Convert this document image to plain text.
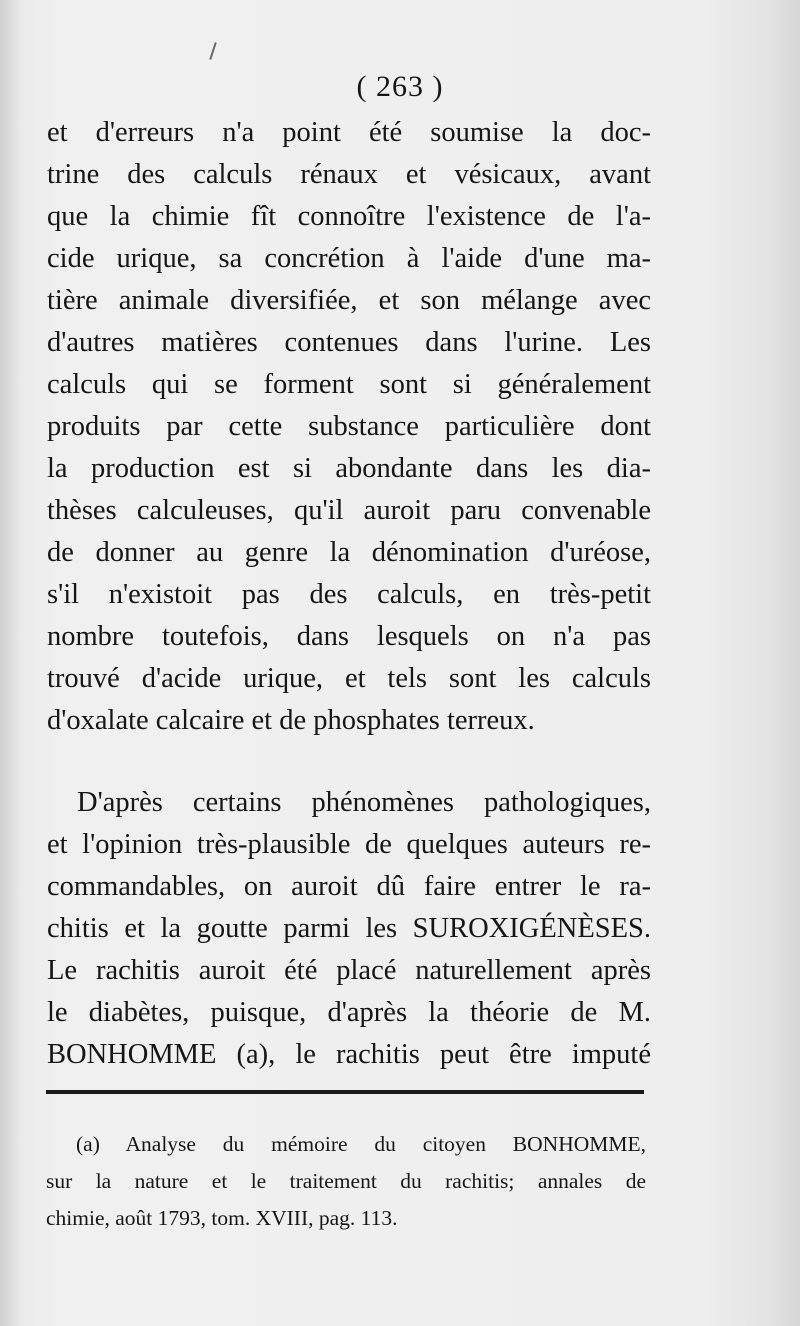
( 263 )
et d'erreurs n'a point été soumise la doc-
trine des calculs rénaux et vésicaux, avant
que la chimie fît connoître l'existence de l'a-
cide urique, sa concrétion à l'aide d'une ma-
tière animale diversifiée, et son mélange avec
d'autres matières contenues dans l'urine. Les
calculs qui se forment sont si généralement
produits par cette substance particulière dont
la production est si abondante dans les dia-
thèses calculeuses, qu'il auroit paru convenable
de donner au genre la dénomination d'uréose,
s'il n'existoit pas des calculs, en très-petit
nombre toutefois, dans lesquels on n'a pas
trouvé d'acide urique, et tels sont les calculs
d'oxalate calcaire et de phosphates terreux.
D'après certains phénomènes pathologiques,
et l'opinion très-plausible de quelques auteurs re-
commandables, on auroit dû faire entrer le ra-
chitis et la goutte parmi les SUROXIGÉNÈSES.
Le rachitis auroit été placé naturellement après
le diabètes, puisque, d'après la théorie de M.
BONHOMME (a), le rachitis peut être imputé
(a) Analyse du mémoire du citoyen BONHOMME,
sur la nature et le traitement du rachitis; annales de
chimie, août 1793, tom. XVIII, pag. 113.
